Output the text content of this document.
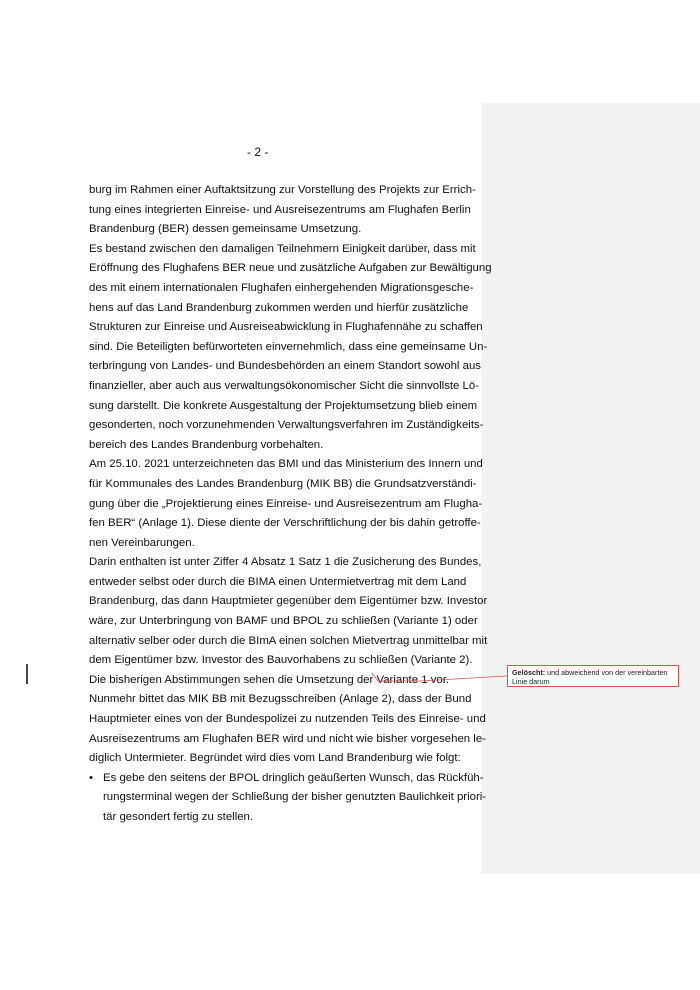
- 2 -
burg im Rahmen einer Auftaktsitzung zur Vorstellung des Projekts zur Errich-
tung eines integrierten Einreise- und Ausreisezentrums am Flughafen Berlin
Brandenburg (BER) dessen gemeinsame Umsetzung.
Es bestand zwischen den damaligen Teilnehmern Einigkeit darüber, dass mit
Eröffnung des Flughafens BER neue und zusätzliche Aufgaben zur Bewältigung
des mit einem internationalen Flughafen einhergehenden Migrationsgesche-
hens auf das Land Brandenburg zukommen werden und hierfür zusätzliche
Strukturen zur Einreise und Ausreiseabwicklung in Flughafennähe zu schaffen
sind. Die Beteiligten befürworteten einvernehmlich, dass eine gemeinsame Un-
terbringung von Landes- und Bundesbehörden an einem Standort sowohl aus
finanzieller, aber auch aus verwaltungsökonomischer Sicht die sinnvollste Lö-
sung darstellt. Die konkrete Ausgestaltung der Projektumsetzung blieb einem
gesonderten, noch vorzunehmenden Verwaltungsverfahren im Zuständigkeits-
bereich des Landes Brandenburg vorbehalten.
Am 25.10. 2021 unterzeichneten das BMI und das Ministerium des Innern und
für Kommunales des Landes Brandenburg (MIK BB) die Grundsatzverständi-
gung über die „Projektierung eines Einreise- und Ausreisezentrum am Flugha-
fen BER“ (Anlage 1). Diese diente der Verschriftlichung der bis dahin getroffe-
nen Vereinbarungen.
Darin enthalten ist unter Ziffer 4 Absatz 1 Satz 1 die Zusicherung des Bundes,
entweder selbst oder durch die BIMA einen Untermietvertrag mit dem Land
Brandenburg, das dann Hauptmieter gegenüber dem Eigentümer bzw. Investor
wäre, zur Unterbringung von BAMF und BPOL zu schließen (Variante 1) oder
alternativ selber oder durch die BImA einen solchen Mietvertrag unmittelbar mit
dem Eigentümer bzw. Investor des Bauvorhabens zu schließen (Variante 2).
Die bisherigen Abstimmungen sehen die Umsetzung der Variante 1 vor.
Nunmehr bittet das MIK BB mit Bezugsschreiben (Anlage 2), dass der Bund
Hauptmieter eines von der Bundespolizei zu nutzenden Teils des Einreise- und
Ausreisezentrums am Flughafen BER wird und nicht wie bisher vorgesehen le-
diglich Untermieter. Begründet wird dies vom Land Brandenburg wie folgt:
• Es gebe den seitens der BPOL dringlich geäußerten Wunsch, das Rückfüh-
rungsterminal wegen der Schließung der bisher genutzten Baulichkeit priori-
tär gesondert fertig zu stellen.
Gelöscht: und abweichend von der vereinbarten Linie darum
